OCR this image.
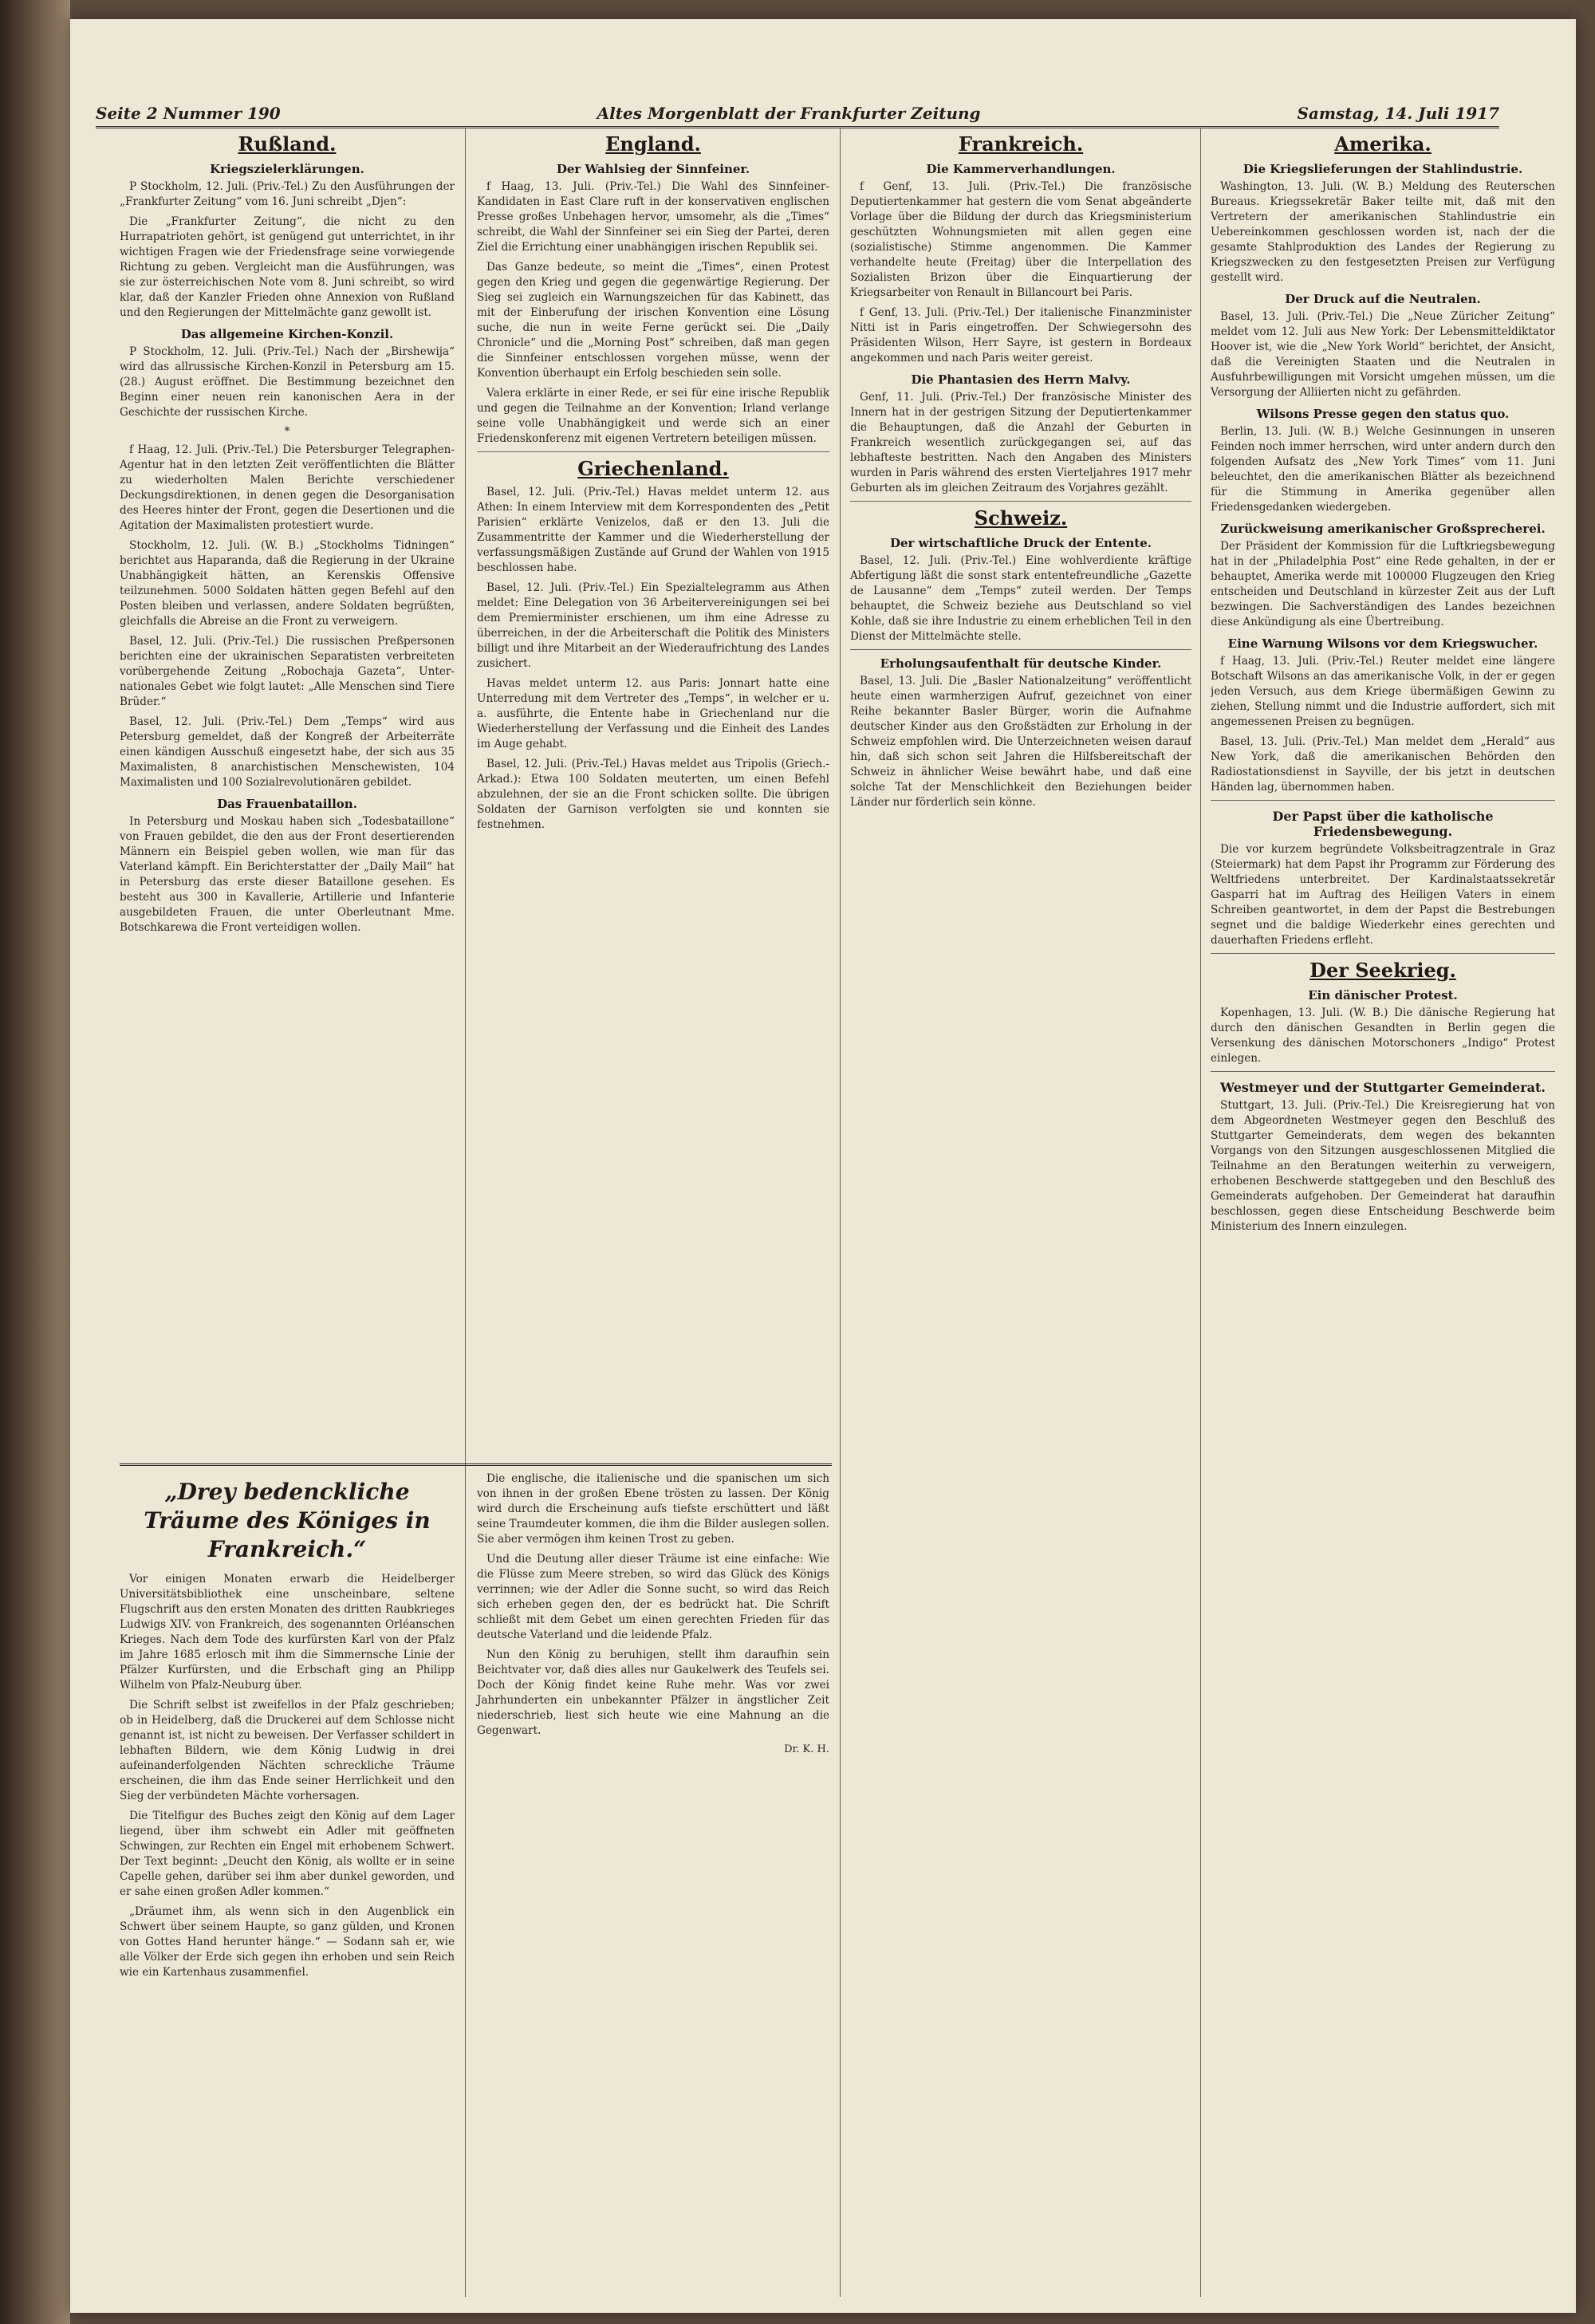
Seite 2 Nummer 190	Altes Morgenblatt der Frankfurter Zeitung	Samstag, 14. Juli 1917
Rußland.
Kriegszielerklärungen.

P Stockholm, 12. Juli. (Priv.-Tel.) Zu den Ausführungen der „Frankfurter Zeitung“ vom 16. Juni schreibt „Djen“:

Die „Frankfurter Zeitung“, die nicht zu den Hurrapatrioten gehört, ist genügend gut unterrichtet, in ihr wichtigen Fragen wie der Friedensfrage seine vorwiegende Richtung zu geben. Vergleicht man die Ausführungen, was sie zur österreichischen Note vom 8. Juni schreibt, so wird klar, daß der Kanzler Frieden ohne Annexion von Rußland und den Regierungen der Mittelmächte ganz gewollt ist.

Das allgemeine Kirchen-Konzil.

P Stockholm, 12. Juli. (Priv.-Tel.) Nach der „Birshewija“ wird das allrussische Kirchen-Konzil in Petersburg am 15. (28.) August eröffnet. Die Bestimmung bezeichnet den Beginn einer neuen rein kanonischen Aera in der Geschichte der russischen Kirche.

*

f Haag, 12. Juli. (Priv.-Tel.) Die Petersburger Telegraphen-Agentur hat in den letzten Zeit veröffentlichten die Blätter zu wiederholten Malen Berichte verschiedener Deckungsdirektionen, in denen gegen die Desorganisation des Heeres hinter der Front, gegen die Desertionen und die Agitation der Maximalisten protestiert wurde.

Stockholm, 12. Juli. (W. B.) „Stockholms Tidningen“ berichtet aus Haparanda, daß die Regierung in der Ukraine Unabhängigkeit hätten, an Kerenskis Offensive teilzunehmen. 5000 Soldaten hätten gegen Befehl auf den Posten bleiben und verlassen, andere Soldaten begrüßten, gleichfalls die Abreise an die Front zu verweigern.

Basel, 12. Juli. (Priv.-Tel.) Die russischen Preßpersonen berichten eine der ukrainischen Separatisten verbreiteten vorübergehende Zeitung „Robochaja Gazeta“, Unter-nationales Gebet wie folgt lautet: „Alle Menschen sind Tiere Brüder.“

Basel, 12. Juli. (Priv.-Tel.) Dem „Temps“ wird aus Petersburg gemeldet, daß der Kongreß der Arbeiterräte einen kändigen Ausschuß eingesetzt habe, der sich aus 35 Maximalisten, 8 anarchistischen Menschewisten, 104 Maximalisten und 100 Sozialrevolutionären gebildet.

Das Frauenbataillon.

In Petersburg und Moskau haben sich „Todesbataillone“ von Frauen gebildet, die den aus der Front desertierenden Männern ein Beispiel geben wollen, wie man für das Vaterland kämpft. Ein Berichterstatter der „Daily Mail“ hat in Petersburg das erste dieser Bataillone gesehen. Es besteht aus 300 in Kavallerie, Artillerie und Infanterie ausgebildeten Frauen, die unter Oberleutnant Mme. Botschkarewa die Front verteidigen wollen.

England.
Der Wahlsieg der Sinnfeiner.

f Haag, 13. Juli. (Priv.-Tel.) Die Wahl des Sinnfeiner-Kandidaten in East Clare ruft in der konservativen englischen Presse großes Unbehagen hervor, umsomehr, als die „Times“ schreibt, die Wahl der Sinnfeiner sei ein Sieg der Partei, deren Ziel die Errichtung einer unabhängigen irischen Republik sei.

Das Ganze bedeute, so meint die „Times“, einen Protest gegen den Krieg und gegen die gegenwärtige Regierung. Der Sieg sei zugleich ein Warnungszeichen für das Kabinett, das mit der Einberufung der irischen Konvention eine Lösung suche, die nun in weite Ferne gerückt sei. Die „Daily Chronicle“ und die „Morning Post“ schreiben, daß man gegen die Sinnfeiner entschlossen vorgehen müsse, wenn der Konvention überhaupt ein Erfolg beschieden sein solle.

Valera erklärte in einer Rede, er sei für eine irische Republik und gegen die Teilnahme an der Konvention; Irland verlange seine volle Unabhängigkeit und werde sich an einer Friedenskonferenz mit eigenen Vertretern beteiligen müssen.

Griechenland.

Basel, 12. Juli. (Priv.-Tel.) Havas meldet unterm 12. aus Athen: In einem Interview mit dem Korrespondenten des „Petit Parisien“ erklärte Venizelos, daß er den 13. Juli die Zusammentritte der Kammer und die Wiederherstellung der verfassungsmäßigen Zustände auf Grund der Wahlen von 1915 beschlossen habe.

Basel, 12. Juli. (Priv.-Tel.) Ein Spezialtelegramm aus Athen meldet: Eine Delegation von 36 Arbeitervereinigungen sei bei dem Premierminister erschienen, um ihm eine Adresse zu überreichen, in der die Arbeiterschaft die Politik des Ministers billigt und ihre Mitarbeit an der Wiederaufrichtung des Landes zusichert.

Havas meldet unterm 12. aus Paris: Jonnart hatte eine Unterredung mit dem Vertreter des „Temps“, in welcher er u. a. ausführte, die Entente habe in Griechenland nur die Wiederherstellung der Verfassung und die Einheit des Landes im Auge gehabt.

Basel, 12. Juli. (Priv.-Tel.) Havas meldet aus Tripolis (Griech.-Arkad.): Etwa 100 Soldaten meuterten, um einen Befehl abzulehnen, der sie an die Front schicken sollte. Die übrigen Soldaten der Garnison verfolgten sie und konnten sie festnehmen.

Frankreich.
Die Kammerverhandlungen.

f Genf, 13. Juli. (Priv.-Tel.) Die französische Deputiertenkammer hat gestern die vom Senat abgeänderte Vorlage über die Bildung der durch das Kriegsministerium geschützten Wohnungsmieten mit allen gegen eine (sozialistische) Stimme angenommen. Die Kammer verhandelte heute (Freitag) über die Interpellation des Sozialisten Brizon über die Einquartierung der Kriegsarbeiter von Renault in Billancourt bei Paris.

f Genf, 13. Juli. (Priv.-Tel.) Der italienische Finanzminister Nitti ist in Paris eingetroffen. Der Schwiegersohn des Präsidenten Wilson, Herr Sayre, ist gestern in Bordeaux angekommen und nach Paris weiter gereist.

Die Phantasien des Herrn Malvy.

Genf, 11. Juli. (Priv.-Tel.) Der französische Minister des Innern hat in der gestrigen Sitzung der Deputiertenkammer die Behauptungen, daß die Anzahl der Geburten in Frankreich wesentlich zurückgegangen sei, auf das lebhafteste bestritten. Nach den Angaben des Ministers wurden in Paris während des ersten Vierteljahres 1917 mehr Geburten als im gleichen Zeitraum des Vorjahres gezählt.

Schweiz.
Der wirtschaftliche Druck der Entente.

Basel, 12. Juli. (Priv.-Tel.) Eine wohlverdiente kräftige Abfertigung läßt die sonst stark ententefreundliche „Gazette de Lausanne“ dem „Temps“ zuteil werden. Der Temps behauptet, die Schweiz beziehe aus Deutschland so viel Kohle, daß sie ihre Industrie zu einem erheblichen Teil in den Dienst der Mittelmächte stelle.

Erholungsaufenthalt für deutsche Kinder.

Basel, 13. Juli. Die „Basler Nationalzeitung“ veröffentlicht heute einen warmherzigen Aufruf, gezeichnet von einer Reihe bekannter Basler Bürger, worin die Aufnahme deutscher Kinder aus den Großstädten zur Erholung in der Schweiz empfohlen wird. Die Unterzeichneten weisen darauf hin, daß sich schon seit Jahren die Hilfsbereitschaft der Schweiz in ähnlicher Weise bewährt habe, und daß eine solche Tat der Menschlichkeit den Beziehungen beider Länder nur förderlich sein könne.

Amerika.
Die Kriegslieferungen der Stahlindustrie.

Washington, 13. Juli. (W. B.) Meldung des Reuterschen Bureaus. Kriegssekretär Baker teilte mit, daß mit den Vertretern der amerikanischen Stahlindustrie ein Uebereinkommen geschlossen worden ist, nach der die gesamte Stahlproduktion des Landes der Regierung zu Kriegszwecken zu den festgesetzten Preisen zur Verfügung gestellt wird.

Der Druck auf die Neutralen.

Basel, 13. Juli. (Priv.-Tel.) Die „Neue Züricher Zeitung“ meldet vom 12. Juli aus New York: Der Lebensmitteldiktator Hoover ist, wie die „New York World“ berichtet, der Ansicht, daß die Vereinigten Staaten und die Neutralen in Ausfuhrbewilligungen mit Vorsicht umgehen müssen, um die Versorgung der Alliierten nicht zu gefährden.

Wilsons Presse gegen den status quo.

Berlin, 13. Juli. (W. B.) Welche Gesinnungen in unseren Feinden noch immer herrschen, wird unter andern durch den folgenden Aufsatz des „New York Times“ vom 11. Juni beleuchtet, den die amerikanischen Blätter als bezeichnend für die Stimmung in Amerika gegenüber allen Friedensgedanken wiedergeben.

Zurückweisung amerikanischer Großsprecherei.

Der Präsident der Kommission für die Luftkriegsbewegung hat in der „Philadelphia Post“ eine Rede gehalten, in der er behauptet, Amerika werde mit 100000 Flugzeugen den Krieg entscheiden und Deutschland in kürzester Zeit aus der Luft bezwingen. Die Sachverständigen des Landes bezeichnen diese Ankündigung als eine Übertreibung.

Eine Warnung Wilsons vor dem Kriegswucher.

f Haag, 13. Juli. (Priv.-Tel.) Reuter meldet eine längere Botschaft Wilsons an das amerikanische Volk, in der er gegen jeden Versuch, aus dem Kriege übermäßigen Gewinn zu ziehen, Stellung nimmt und die Industrie auffordert, sich mit angemessenen Preisen zu begnügen.

Basel, 13. Juli. (Priv.-Tel.) Man meldet dem „Herald“ aus New York, daß die amerikanischen Behörden den Radiostationsdienst in Sayville, der bis jetzt in deutschen Händen lag, übernommen haben.

Der Papst über die katholische Friedensbewegung.

Die vor kurzem begründete Volksbeitragzentrale in Graz (Steiermark) hat dem Papst ihr Programm zur Förderung des Weltfriedens unterbreitet. Der Kardinalstaatssekretär Gasparri hat im Auftrag des Heiligen Vaters in einem Schreiben geantwortet, in dem der Papst die Bestrebungen segnet und die baldige Wiederkehr eines gerechten und dauerhaften Friedens erfleht.

Der Seekrieg.
Ein dänischer Protest.

Kopenhagen, 13. Juli. (W. B.) Die dänische Regierung hat durch den dänischen Gesandten in Berlin gegen die Versenkung des dänischen Motorschoners „Indigo“ Protest einlegen.

Westmeyer und der Stuttgarter Gemeinderat.

Stuttgart, 13. Juli. (Priv.-Tel.) Die Kreisregierung hat von dem Abgeordneten Westmeyer gegen den Beschluß des Stuttgarter Gemeinderats, dem wegen des bekannten Vorgangs von den Sitzungen ausgeschlossenen Mitglied die Teilnahme an den Beratungen weiterhin zu verweigern, erhobenen Beschwerde stattgegeben und den Beschluß des Gemeinderats aufgehoben. Der Gemeinderat hat daraufhin beschlossen, gegen diese Entscheidung Beschwerde beim Ministerium des Innern einzulegen.

„Drey bedenckliche Träume des Königes in Frankreich.“

Vor einigen Monaten erwarb die Heidelberger Universitätsbibliothek eine unscheinbare, seltene Flugschrift aus den ersten Monaten des dritten Raubkrieges Ludwigs XIV. von Frankreich, des sogenannten Orléanschen Krieges. Nach dem Tode des kurfürsten Karl von der Pfalz im Jahre 1685 erlosch mit ihm die Simmernsche Linie der Pfälzer Kurfürsten, und die Erbschaft ging an Philipp Wilhelm von Pfalz-Neuburg über.

Die Schrift selbst ist zweifellos in der Pfalz geschrieben; ob in Heidelberg, daß die Druckerei auf dem Schlosse nicht genannt ist, ist nicht zu beweisen. Der Verfasser schildert in lebhaften Bildern, wie dem König Ludwig in drei aufeinanderfolgenden Nächten schreckliche Träume erscheinen, die ihm das Ende seiner Herrlichkeit und den Sieg der verbündeten Mächte vorhersagen.

Die Titelfigur des Buches zeigt den König auf dem Lager liegend, über ihm schwebt ein Adler mit geöffneten Schwingen, zur Rechten ein Engel mit erhobenem Schwert. Der Text beginnt: „Deucht den König, als wollte er in seine Capelle gehen, darüber sei ihm aber dunkel geworden, und er sahe einen großen Adler kommen.“

„Dräumet ihm, als wenn sich in den Augenblick ein Schwert über seinem Haupte, so ganz gülden, und Kronen von Gottes Hand herunter hänge.“ — Sodann sah er, wie alle Völker der Erde sich gegen ihn erhoben und sein Reich wie ein Kartenhaus zusammenfiel.

Die englische, die italienische und die spanischen um sich von ihnen in der großen Ebene trösten zu lassen. Der König wird durch die Erscheinung aufs tiefste erschüttert und läßt seine Traumdeuter kommen, die ihm die Bilder auslegen sollen. Sie aber vermögen ihm keinen Trost zu geben.

Und die Deutung aller dieser Träume ist eine einfache: Wie die Flüsse zum Meere streben, so wird das Glück des Königs verrinnen; wie der Adler die Sonne sucht, so wird das Reich sich erheben gegen den, der es bedrückt hat. Die Schrift schließt mit dem Gebet um einen gerechten Frieden für das deutsche Vaterland und die leidende Pfalz.

Nun den König zu beruhigen, stellt ihm daraufhin sein Beichtvater vor, daß dies alles nur Gaukelwerk des Teufels sei. Doch der König findet keine Ruhe mehr. Was vor zwei Jahrhunderten ein unbekannter Pfälzer in ängstlicher Zeit niederschrieb, liest sich heute wie eine Mahnung an die Gegenwart.

Dr. K. H.
